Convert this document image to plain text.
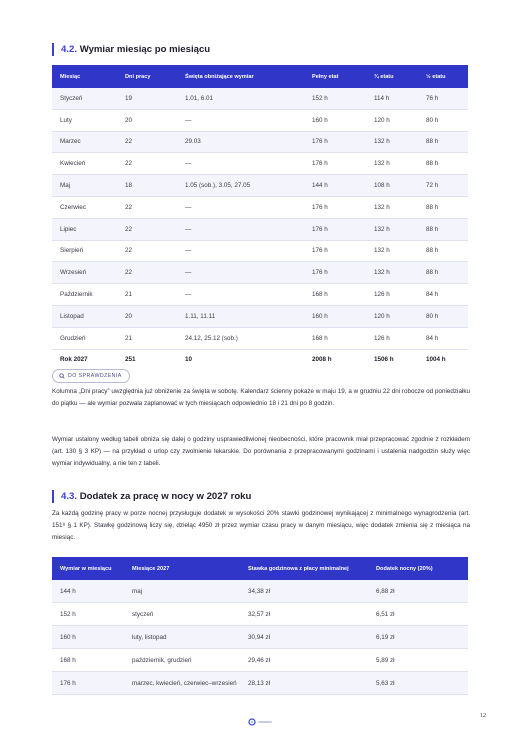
4.2. Wymiar miesiąc po miesiącu
Miesiąc	Dni pracy	Święta obniżające wymiar	Pełny etat	¾ etatu	½ etatu
Styczeń	19	1.01, 6.01	152 h	114 h	76 h
Luty	20	—	160 h	120 h	80 h
Marzec	22	29.03	176 h	132 h	88 h
Kwiecień	22	—	176 h	132 h	88 h
Maj	18	1.05 (sob.), 3.05, 27.05	144 h	108 h	72 h
Czerwiec	22	—	176 h	132 h	88 h
Lipiec	22	—	176 h	132 h	88 h
Sierpień	22	—	176 h	132 h	88 h
Wrzesień	22	—	176 h	132 h	88 h
Październik	21	—	168 h	126 h	84 h
Listopad	20	1.11, 11.11	160 h	120 h	80 h
Grudzień	21	24.12, 25.12 (sob.)	168 h	126 h	84 h
Rok 2027	251	10	2008 h	1506 h	1004 h
DO SPRAWDZENIA
Kolumna „Dni pracy” uwzględnia już obniżenie za święta w sobotę. Kalendarz ścienny pokaże w maju 19, a w grudniu 22 dni robocze od poniedziałku do piątku — ale wymiar pozwala zaplanować w tych miesiącach odpowiednio 18 i 21 dni po 8 godzin.
Wymiar ustalony według tabeli obniża się dalej o godziny usprawiedliwionej nieobecności, które pracownik miał przepracować zgodnie z rozkładem (art. 130 § 3 KP) — na przykład o urlop czy zwolnienie lekarskie. Do porównania z przepracowanymi godzinami i ustalenia nadgodzin służy więc wymiar indywidualny, a nie ten z tabeli.
4.3. Dodatek za pracę w nocy w 2027 roku
Za każdą godzinę pracy w porze nocnej przysługuje dodatek w wysokości 20% stawki godzinowej wynikającej z minimalnego wynagrodzenia (art. 151⁸ § 1 KP). Stawkę godzinową liczy się, dzieląc 4950 zł przez wymiar czasu pracy w danym miesiącu, więc dodatek zmienia się z miesiąca na miesiąc.
Wymiar w miesiącu	Miesiące 2027	Stawka godzinowa z płacy minimalnej	Dodatek nocny (20%)
144 h	maj	34,38 zł	6,88 zł
152 h	styczeń	32,57 zł	6,51 zł
160 h	luty, listopad	30,94 zł	6,19 zł
168 h	październik, grudzień	29,46 zł	5,89 zł
176 h	marzec, kwiecień, czerwiec–wrzesień	28,13 zł	5,63 zł
12
